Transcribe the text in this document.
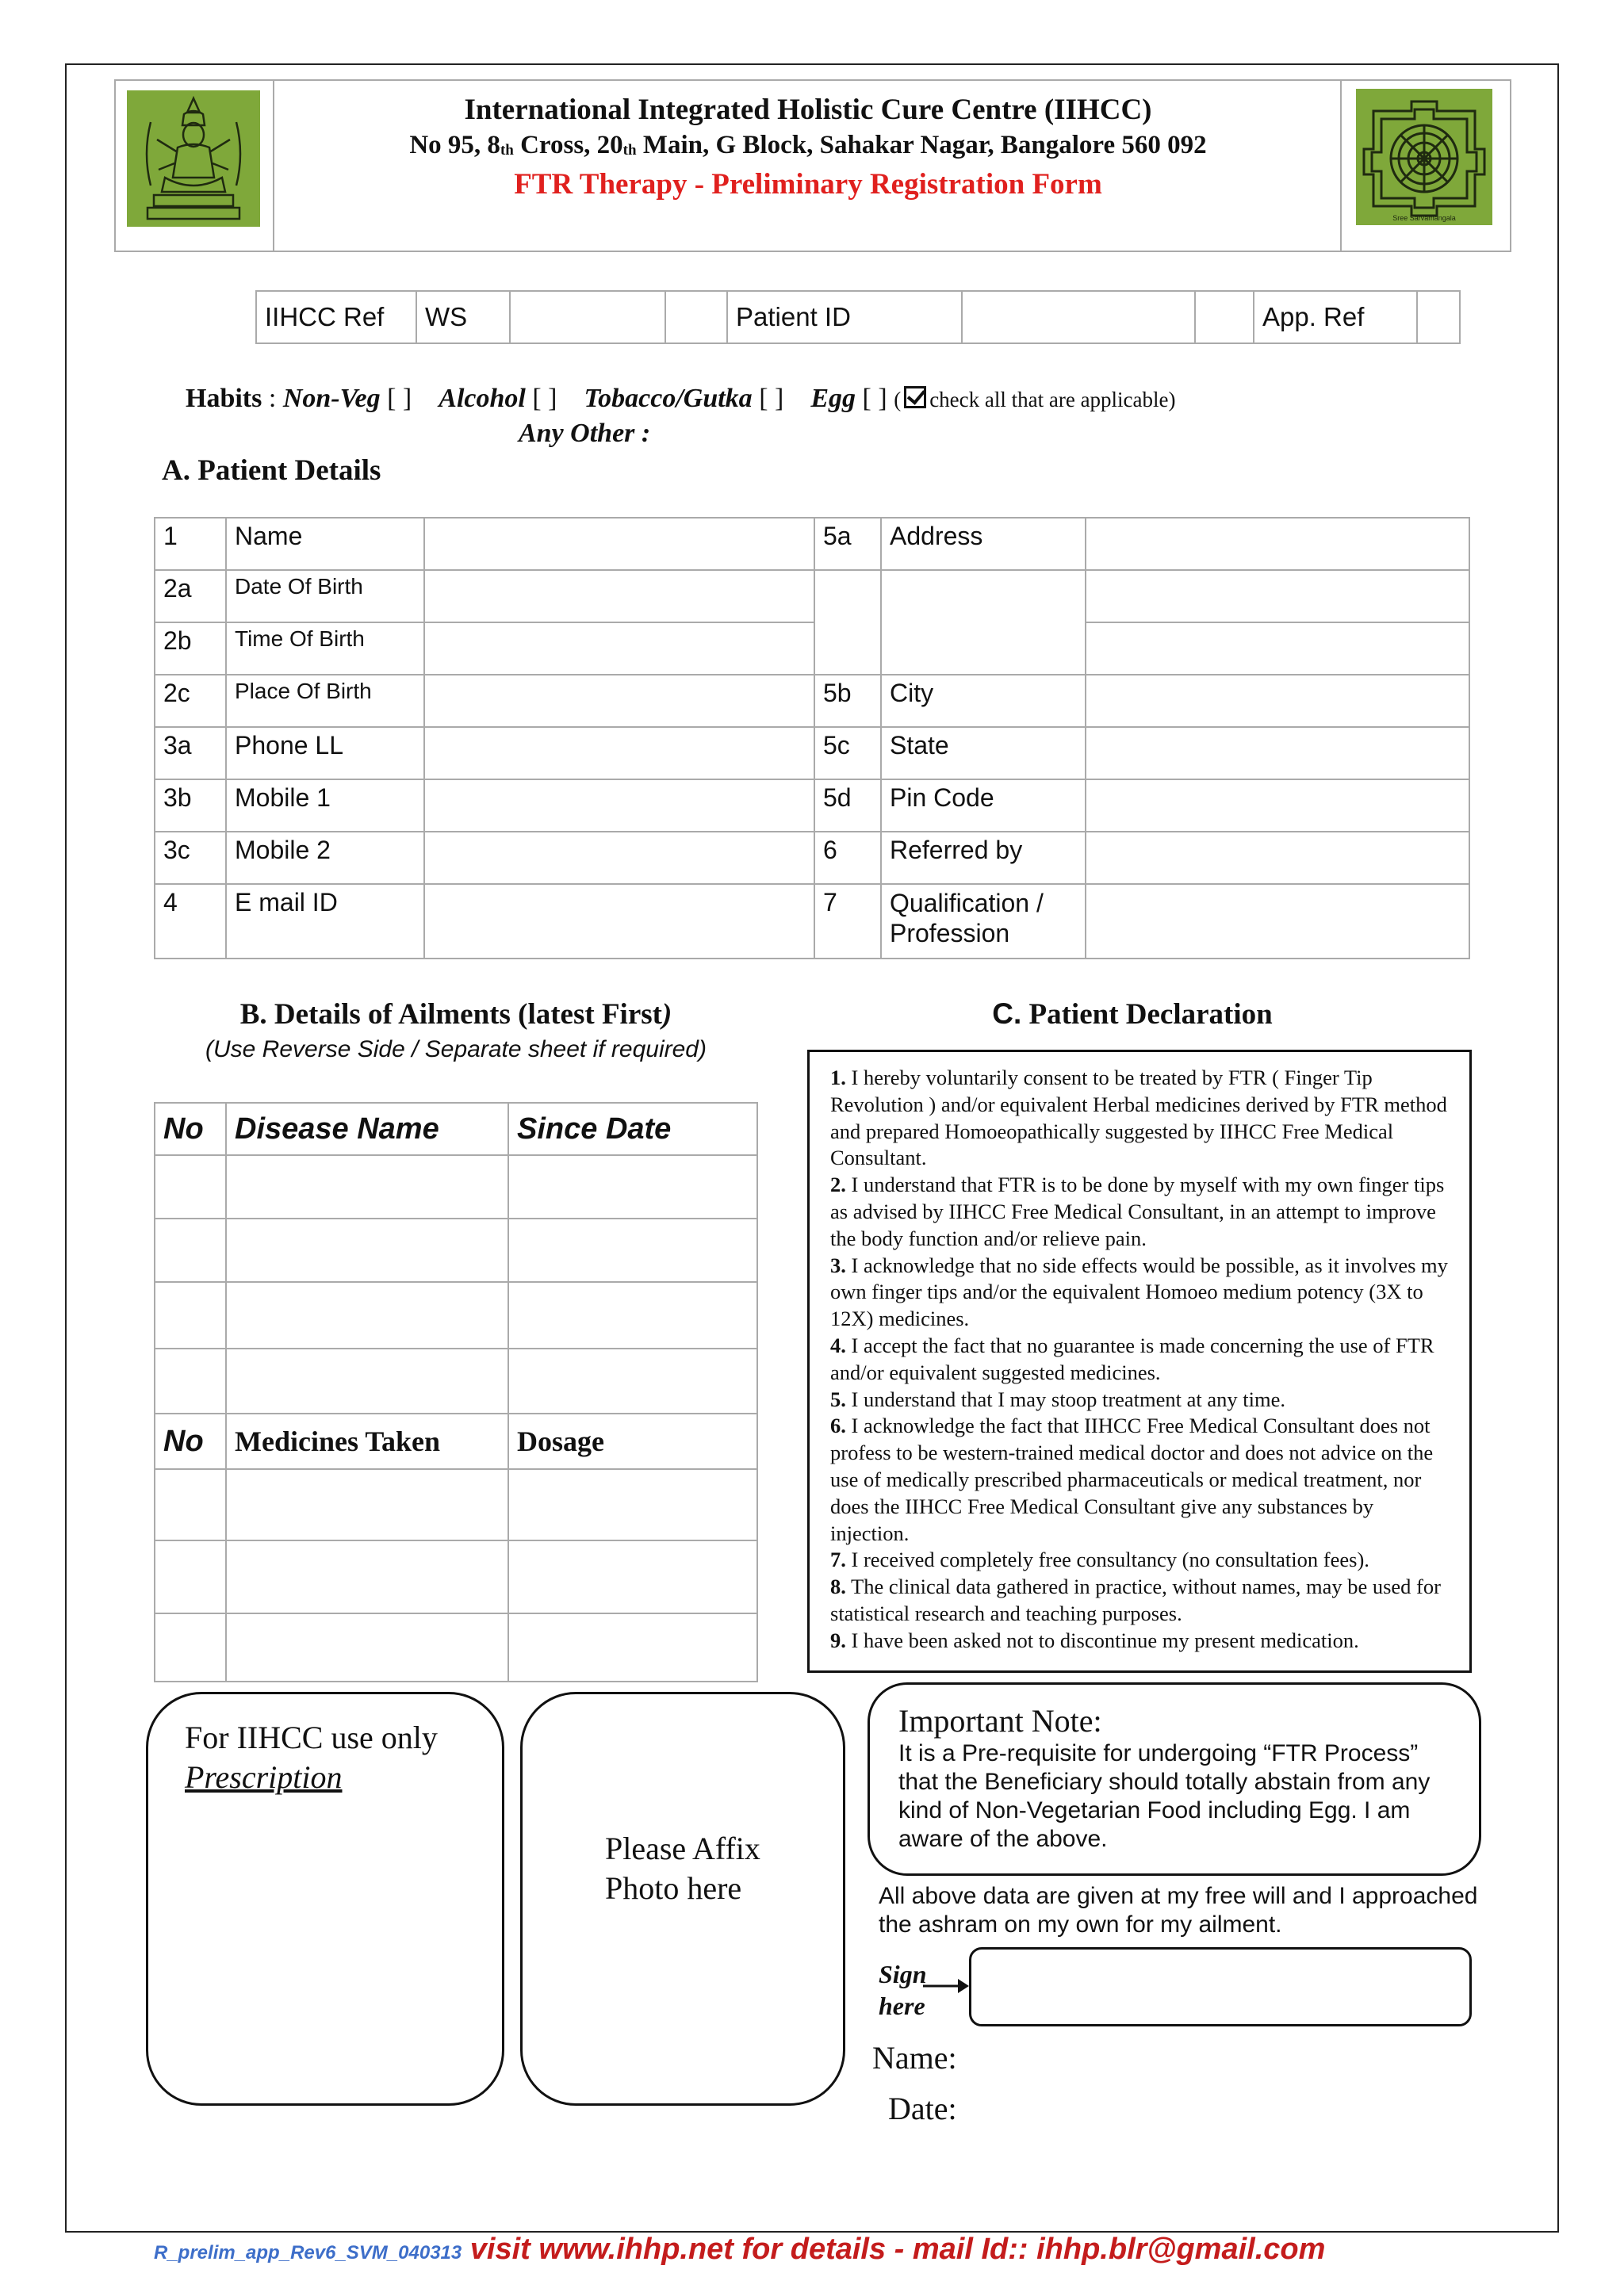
International Integrated Holistic Cure Centre (IIHCC)
No 95, $8_{th}$ Cross, $20_{th}$ Main, G Block, Sahakar Nagar, Bangalore 560 092
FTR Therapy - Preliminary Registration Form
Sree Sarvamangala
IIHCC Ref	WS			Patient ID			App. Ref	
Habits : Non-Veg [ ] Alcohol [ ] Tobacco/Gutka [ ] Egg [ ] ( check all that are applicable)
Any Other :
A. Patient Details
1	Name		5a	Address	
2a	Date Of Birth				
2b	Time Of Birth				
2c	Place Of Birth		5b	City	
3a	Phone LL		5c	State	
3b	Mobile 1		5d	Pin Code	
3c	Mobile 2		6	Referred by	
4	E mail ID		7	Qualification /
Profession	
B. Details of Ailments (latest First)
(Use Reverse Side / Separate sheet if required)
No	Disease Name	Since Date

No	Medicines Taken	Dosage

C. Patient Declaration

1. I hereby voluntarily consent to be treated by FTR ( Finger Tip Revolution ) and/or equivalent Herbal medicines derived by FTR method and prepared Homoeopathically suggested by IIHCC Free Medical Consultant.

2. I understand that FTR is to be done by myself with my own finger tips as advised by IIHCC Free Medical Consultant, in an attempt to improve the body function and/or relieve pain.

3. I acknowledge that no side effects would be possible, as it involves my own finger tips and/or the equivalent Homoeo medium potency (3X to 12X) medicines.

4. I accept the fact that no guarantee is made concerning the use of FTR and/or equivalent suggested medicines.

5. I understand that I may stoop treatment at any time.

6. I acknowledge the fact that IIHCC Free Medical Consultant does not profess to be western-trained medical doctor and does not advice on the use of medically prescribed pharmaceuticals or medical treatment, nor does the IIHCC Free Medical Consultant give any substances by injection.

7. I received completely free consultancy (no consultation fees).

8. The clinical data gathered in practice, without names, may be used for statistical research and teaching purposes.

9. I have been asked not to discontinue my present medication.

For IIHCC use only
Prescription
Please Affix
Photo here
Important Note:
It is a Pre-requisite for undergoing “FTR Process” that the Beneficiary should totally abstain from any kind of Non-Vegetarian Food including Egg. I am aware of the above.
All above data are given at my free will and I approached the ashram on my own for my ailment.
Sign
here
Name:
Date:
R_prelim_app_Rev6_SVM_040313 visit www.ihhp.net for details - mail Id:: ihhp.blr@gmail.com
